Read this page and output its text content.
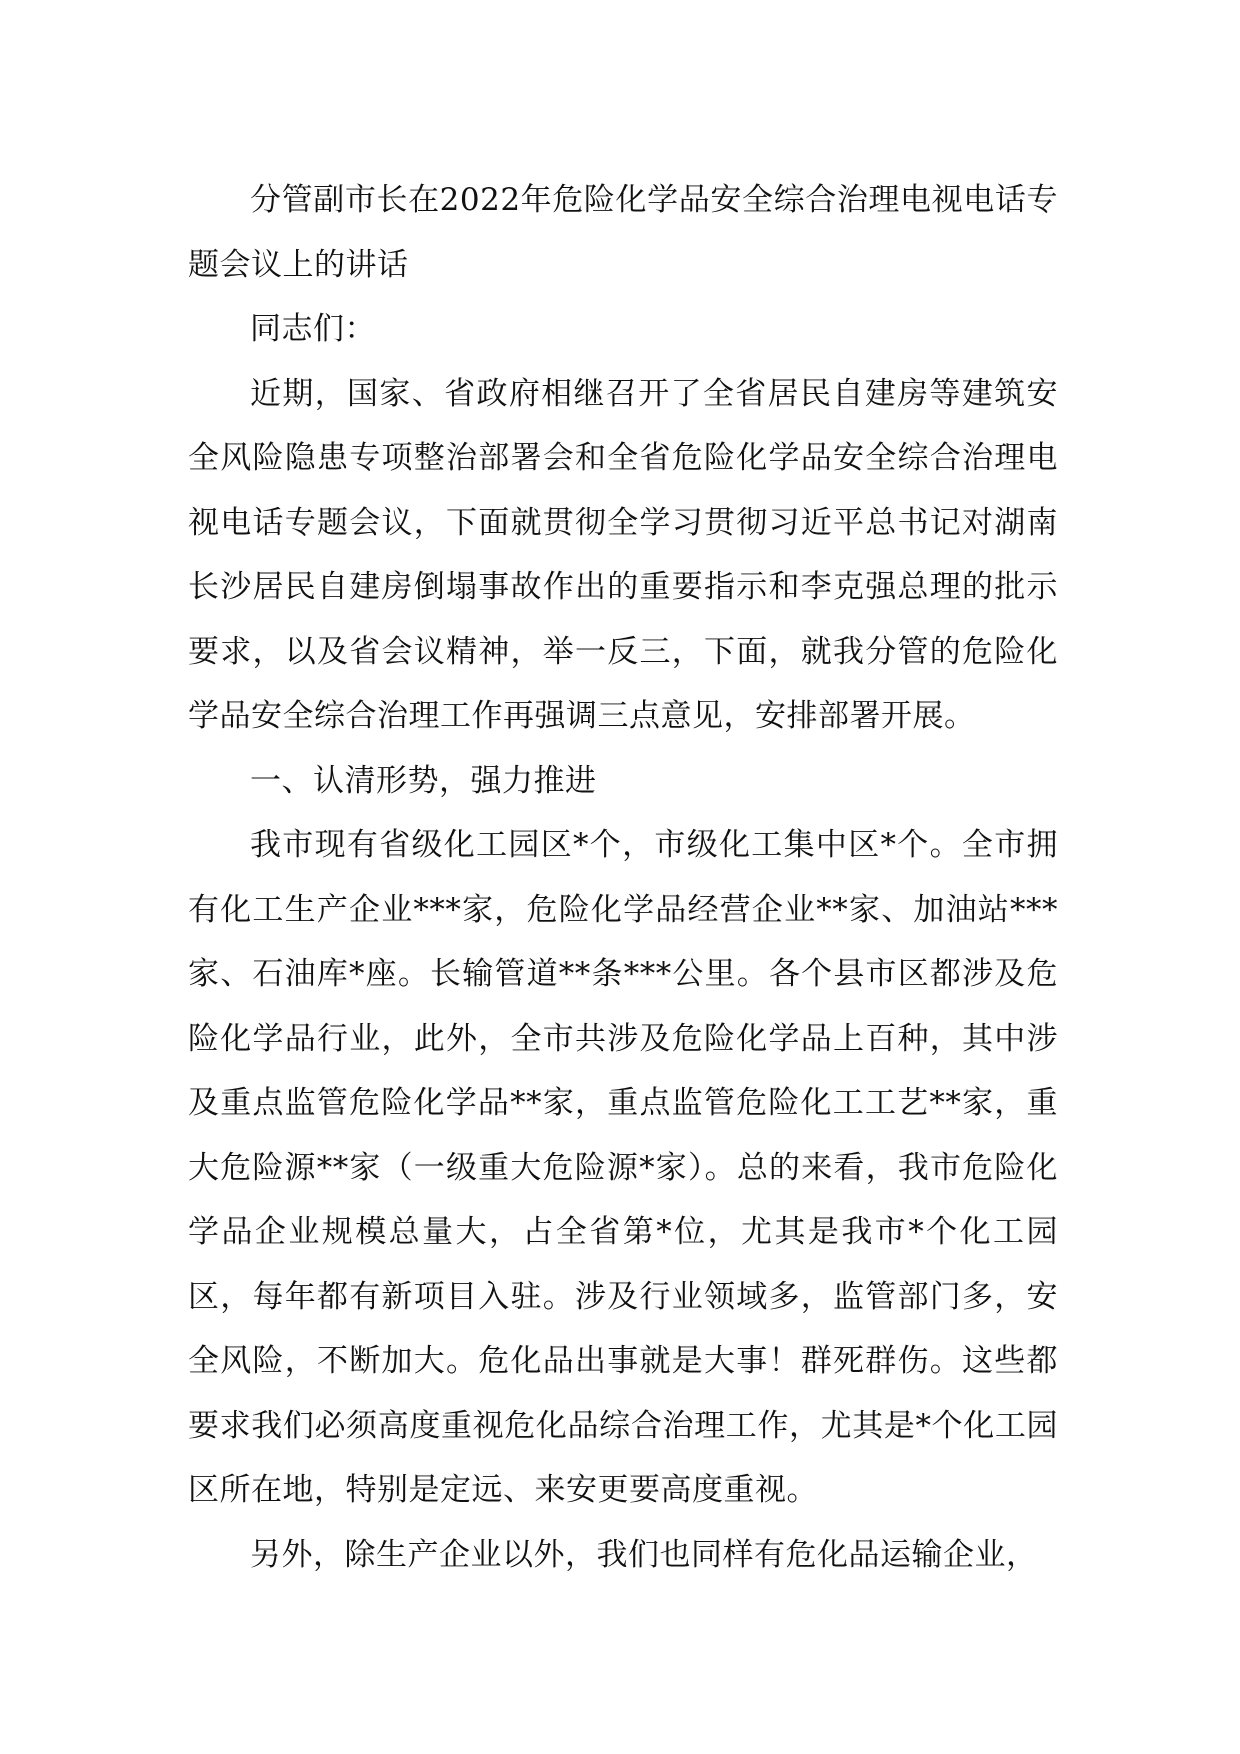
分管副市长在2022年危险化学品安全综合治理电视电话专题会议上的讲话

同志们：

近期，国家、省政府相继召开了全省居民自建房等建筑安全风险隐患专项整治部署会和全省危险化学品安全综合治理电视电话专题会议，下面就贯彻全学习贯彻习近平总书记对湖南长沙居民自建房倒塌事故作出的重要指示和李克强总理的批示要求，以及省会议精神，举一反三，下面，就我分管的危险化学品安全综合治理工作再强调三点意见，安排部署开展。

一、认清形势，强力推进

我市现有省级化工园区*个，市级化工集中区*个。全市拥有化工生产企业***家，危险化学品经营企业**家、加油站***家、石油库*座。长输管道**条***公里。各个县市区都涉及危险化学品行业，此外，全市共涉及危险化学品上百种，其中涉及重点监管危险化学品**家，重点监管危险化工工艺**家，重大危险源**家（一级重大危险源*家）。总的来看，我市危险化学品企业规模总量大，占全省第*位，尤其是我市*个化工园区，每年都有新项目入驻。涉及行业领域多，监管部门多，安全风险，不断加大。危化品出事就是大事！群死群伤。这些都要求我们必须高度重视危化品综合治理工作，尤其是*个化工园区所在地，特别是定远、来安更要高度重视。

另外，除生产企业以外，我们也同样有危化品运输企业，
